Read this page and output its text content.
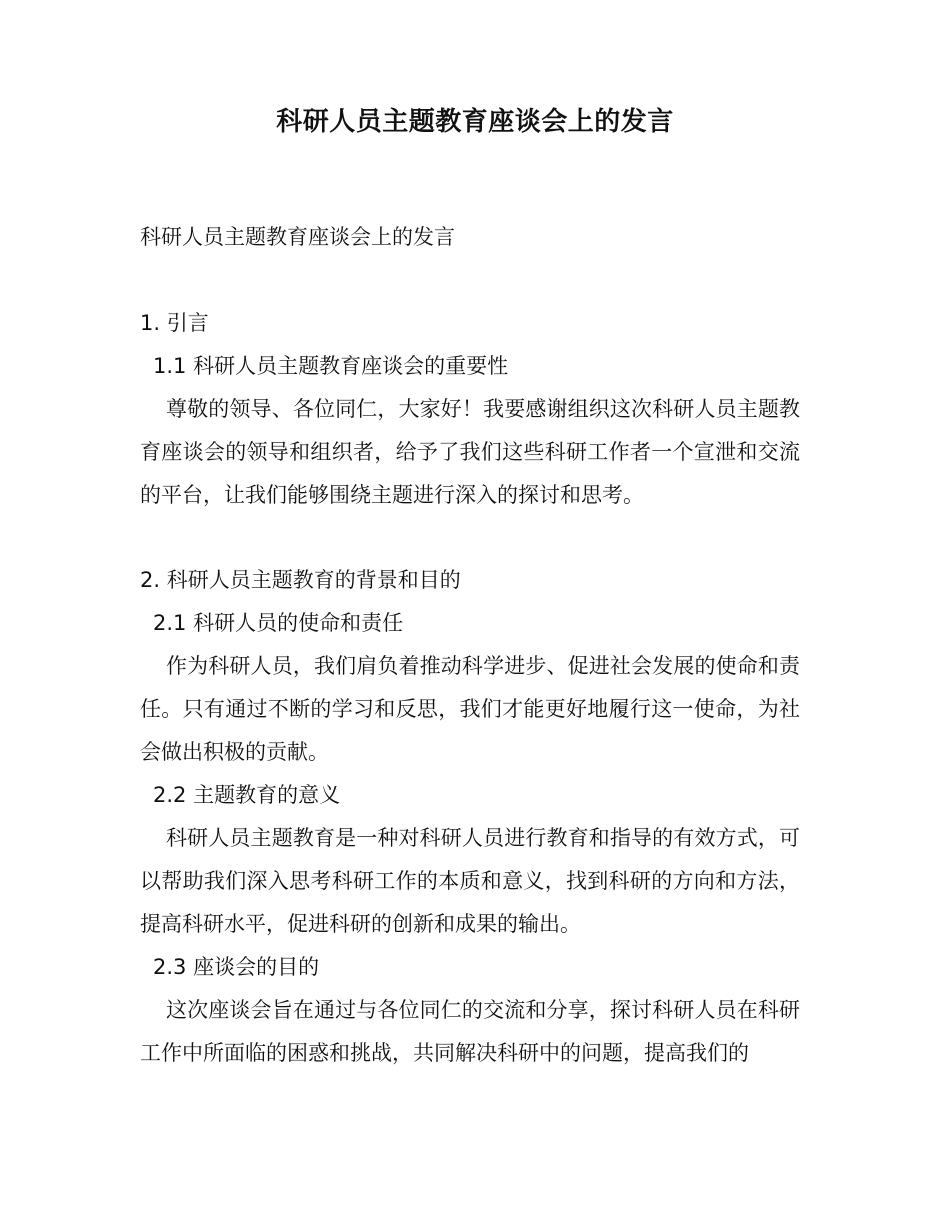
科研人员主题教育座谈会上的发言
科研人员主题教育座谈会上的发言
1. 引言
1.1 科研人员主题教育座谈会的重要性

尊敬的领导、各位同仁，大家好！我要感谢组织这次科研人员主题教育座谈会的领导和组织者，给予了我们这些科研工作者一个宣泄和交流的平台，让我们能够围绕主题进行深入的探讨和思考。

2. 科研人员主题教育的背景和目的
2.1 科研人员的使命和责任

作为科研人员，我们肩负着推动科学进步、促进社会发展的使命和责任。只有通过不断的学习和反思，我们才能更好地履行这一使命，为社会做出积极的贡献。

2.2 主题教育的意义

科研人员主题教育是一种对科研人员进行教育和指导的有效方式，可以帮助我们深入思考科研工作的本质和意义，找到科研的方向和方法，提高科研水平，促进科研的创新和成果的输出。

2.3 座谈会的目的

这次座谈会旨在通过与各位同仁的交流和分享，探讨科研人员在科研工作中所面临的困惑和挑战，共同解决科研中的问题，提高我们的
